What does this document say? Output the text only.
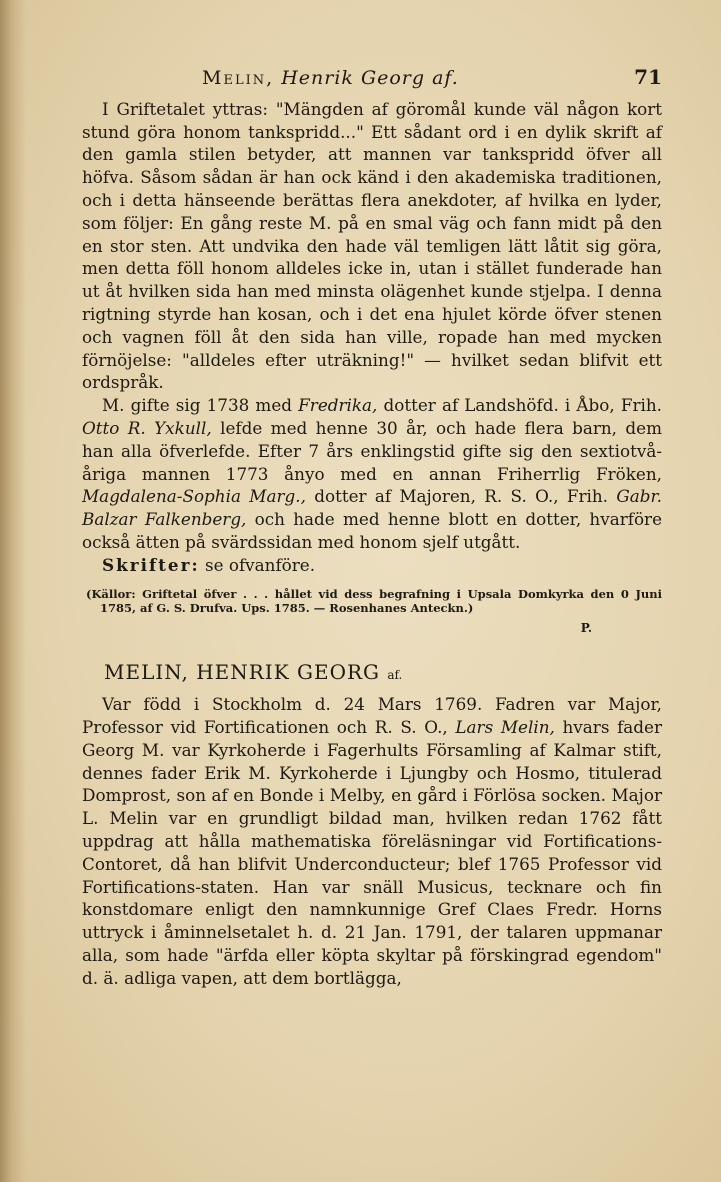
Melin, Henrik Georg af.	71

I Griftetalet yttras: "Mängden af göromål kunde väl någon kort stund göra honom tankspridd..." Ett sådant ord i en dylik skrift af den gamla stilen betyder, att mannen var tankspridd öfver all höfva. Såsom sådan är han ock känd i den akademiska traditionen, och i detta hänseende berättas flera anekdoter, af hvilka en lyder, som följer: En gång reste M. på en smal väg och fann midt på den en stor sten. Att undvika den hade väl temligen lätt låtit sig göra, men detta föll honom alldeles icke in, utan i stället funderade han ut åt hvilken sida han med minsta olägenhet kunde stjelpa. I denna rigtning styrde han kosan, och i det ena hjulet körde öfver stenen och vagnen föll åt den sida han ville, ropade han med mycken förnöjelse: "alldeles efter uträkning!" — hvilket sedan blifvit ett ordspråk.

M. gifte sig 1738 med Fredrika, dotter af Landshöfd. i Åbo, Frih. Otto R. Yxkull, lefde med henne 30 år, och hade flera barn, dem han alla öfverlefde. Efter 7 års enklingstid gifte sig den sextiotvå-åriga mannen 1773 ånyo med en annan Friherrlig Fröken, Magdalena-Sophia Marg., dotter af Majoren, R. S. O., Frih. Gabr. Balzar Falkenberg, och hade med henne blott en dotter, hvarföre också ätten på svärdssidan med honom sjelf utgått.

Skrifter: se ofvanföre.

(Källor: Griftetal öfver . . . hållet vid dess begrafning i Upsala Domkyrka den 0 Juni 1785, af G. S. Drufva. Ups. 1785. — Rosenhanes Anteckn.)

P.

MELIN, HENRIK GEORG af.

Var född i Stockholm d. 24 Mars 1769. Fadren var Major, Professor vid Fortificationen och R. S. O., Lars Melin, hvars fader Georg M. var Kyrkoherde i Fagerhults Församling af Kalmar stift, dennes fader Erik M. Kyrkoherde i Ljungby och Hosmo, titulerad Domprost, son af en Bonde i Melby, en gård i Förlösa socken. Major L. Melin var en grundligt bildad man, hvilken redan 1762 fått uppdrag att hålla mathematiska föreläsningar vid Fortifications-Contoret, då han blifvit Underconducteur; blef 1765 Professor vid Fortifications-staten. Han var snäll Musicus, tecknare och fin konstdomare enligt den namnkunnige Gref Claes Fredr. Horns uttryck i åminnelsetalet h. d. 21 Jan. 1791, der talaren uppmanar alla, som hade "ärfda eller köpta skyltar på förskingrad egendom" d. ä. adliga vapen, att dem bortlägga,
